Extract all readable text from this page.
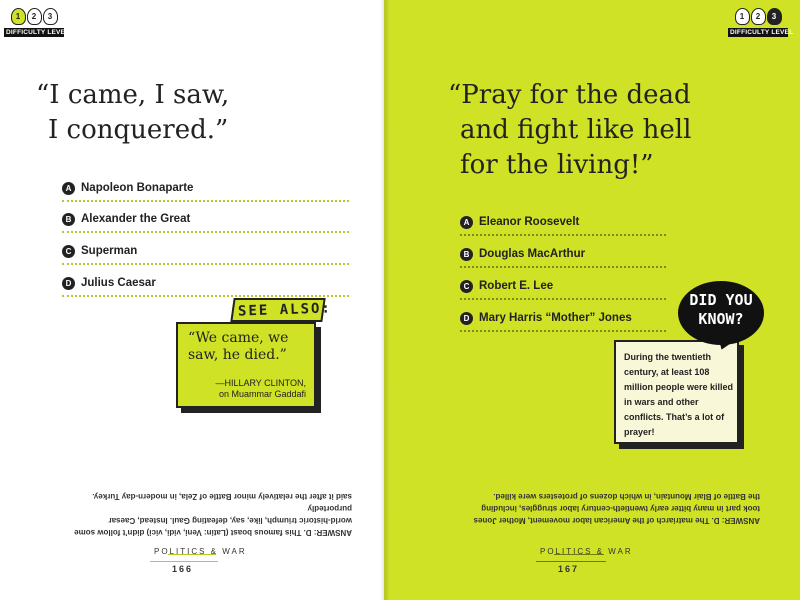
1	2	3
DIFFICULTY LEVEL
“I came, I saw,
I conquered.”
A Napoleon Bonaparte
B Alexander the Great
C Superman
D Julius Caesar
“We came, we saw, he died.”
—HILLARY CLINTON,
on Muammar Gaddafi
SEE ALSO:
ANSWER: D. This famous boast (Latin: Veni, vidi, vici) didn’t follow some
world-historic triumph, like, say, defeating Gaul. Instead, Caesar purportedly
said it after the relatively minor Battle of Zela, in modern-day Turkey.
POLITICS & WAR
166
1	2	3
DIFFICULTY LEVEL
“Pray for the dead
and fight like hell
for the living!”
A Eleanor Roosevelt
B Douglas MacArthur
C Robert E. Lee
D Mary Harris “Mother” Jones
During the twentieth century, at least 108 million people were killed in wars and other conflicts. That’s a lot of prayer!
DID YOU
KNOW?
ANSWER: D. The matriarch of the American labor movement, Mother Jones
took part in many bitter early twentieth-century labor struggles, including
the Battle of Blair Mountain, in which dozens of protesters were killed.
POLITICS & WAR
167
